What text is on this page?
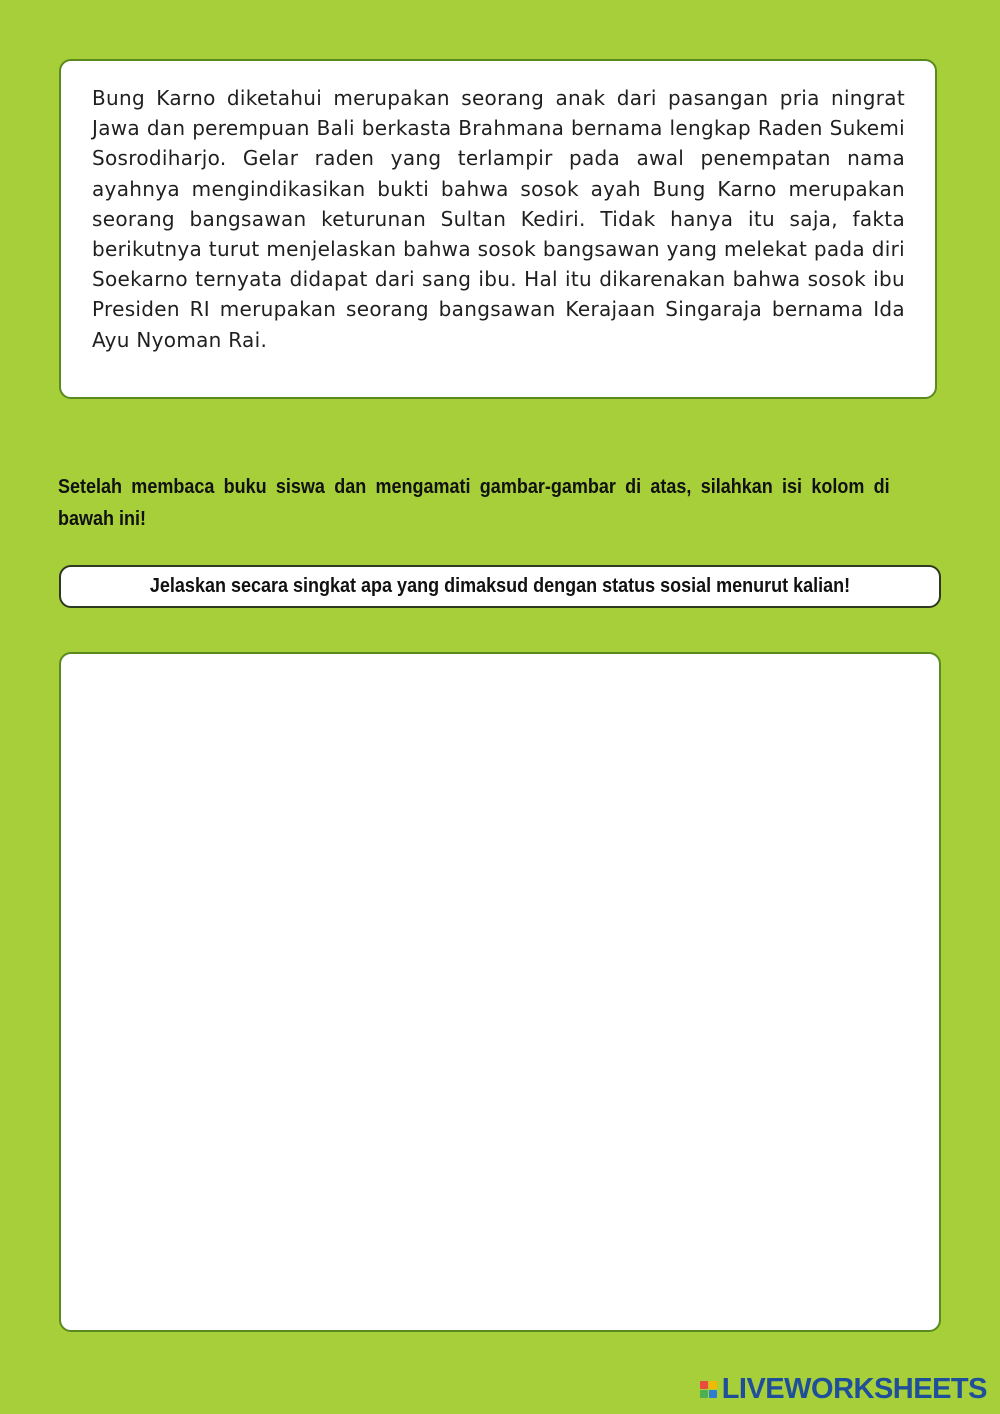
Bung Karno diketahui merupakan seorang anak dari pasangan pria ningrat Jawa dan perempuan Bali berkasta Brahmana bernama lengkap Raden Sukemi Sosrodiharjo. Gelar raden yang terlampir pada awal penempatan nama ayahnya mengindikasikan bukti bahwa sosok ayah Bung Karno merupakan seorang bangsawan keturunan Sultan Kediri. Tidak hanya itu saja, fakta berikutnya turut menjelaskan bahwa sosok bangsawan yang melekat pada diri Soekarno ternyata didapat dari sang ibu. Hal itu dikarenakan bahwa sosok ibu Presiden RI merupakan seorang bangsawan Kerajaan Singaraja bernama Ida Ayu Nyoman Rai.

Setelah membaca buku siswa dan mengamati gambar-gambar di atas, silahkan isi kolom di bawah ini!

Jelaskan secara singkat apa yang dimaksud dengan status sosial menurut kalian!
LIVEWORKSHEETS
